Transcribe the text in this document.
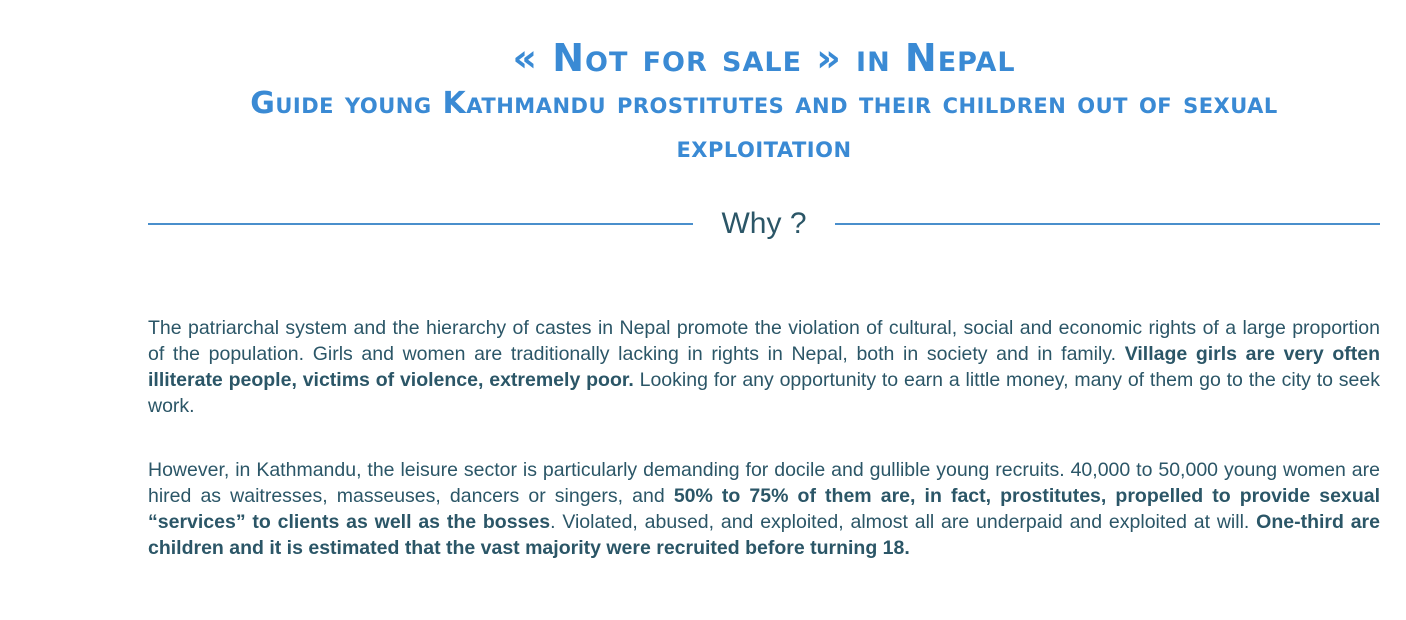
« Not for sale » in Nepal
Guide young Kathmandu prostitutes and their children out of sexual exploitation
Why ?

The patriarchal system and the hierarchy of castes in Nepal promote the violation of cultural, social and economic rights of a large proportion of the population. Girls and women are traditionally lacking in rights in Nepal, both in society and in family. Village girls are very often illiterate people, victims of violence, extremely poor. Looking for any opportunity to earn a little money, many of them go to the city to seek work.

However, in Kathmandu, the leisure sector is particularly demanding for docile and gullible young recruits. 40,000 to 50,000 young women are hired as waitresses, masseuses, dancers or singers, and 50% to 75% of them are, in fact, prostitutes, propelled to provide sexual “services” to clients as well as the bosses. Violated, abused, and exploited, almost all are underpaid and exploited at will. One-third are children and it is estimated that the vast majority were recruited before turning 18.
